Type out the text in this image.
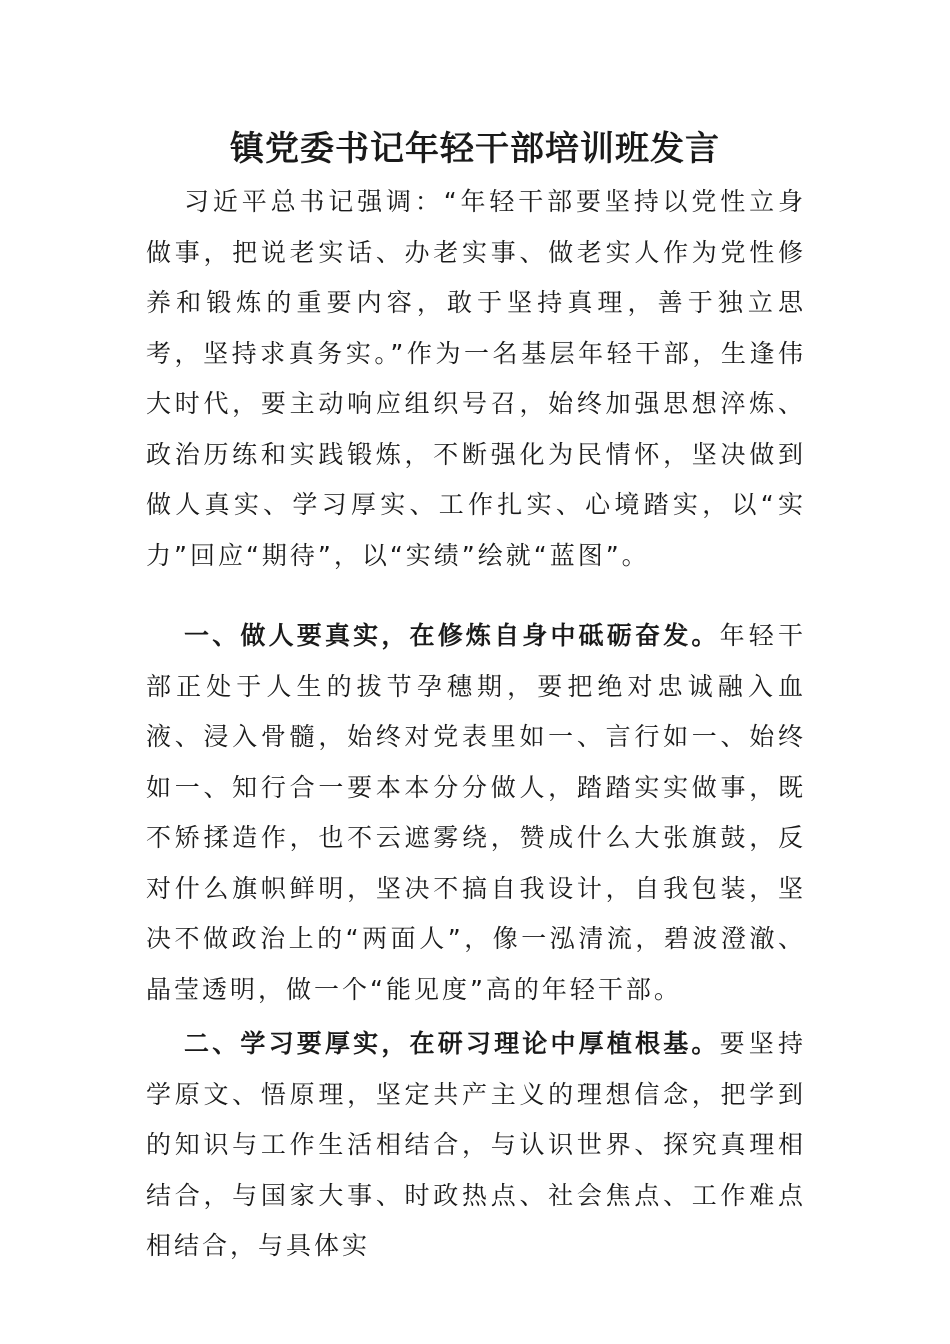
镇党委书记年轻干部培训班发言

习近平总书记强调：“年轻干部要坚持以党性立身做事，把说老实话、办老实事、做老实人作为党性修养和锻炼的重要内容，敢于坚持真理，善于独立思考，坚持求真务实。”作为一名基层年轻干部，生逢伟大时代，要主动响应组织号召，始终加强思想淬炼、政治历练和实践锻炼，不断强化为民情怀，坚决做到做人真实、学习厚实、工作扎实、心境踏实，以“实力”回应“期待”，以“实绩”绘就“蓝图”。

一、做人要真实，在修炼自身中砥砺奋发。年轻干部正处于人生的拔节孕穗期，要把绝对忠诚融入血液、浸入骨髓，始终对党表里如一、言行如一、始终如一、知行合一要本本分分做人，踏踏实实做事，既不矫揉造作，也不云遮雾绕，赞成什么大张旗鼓，反对什么旗帜鲜明，坚决不搞自我设计，自我包装，坚决不做政治上的“两面人”，像一泓清流，碧波澄澈、晶莹透明，做一个“能见度”高的年轻干部。

二、学习要厚实，在研习理论中厚植根基。要坚持学原文、悟原理，坚定共产主义的理想信念，把学到的知识与工作生活相结合，与认识世界、探究真理相结合，与国家大事、时政热点、社会焦点、工作难点相结合，与具体实
